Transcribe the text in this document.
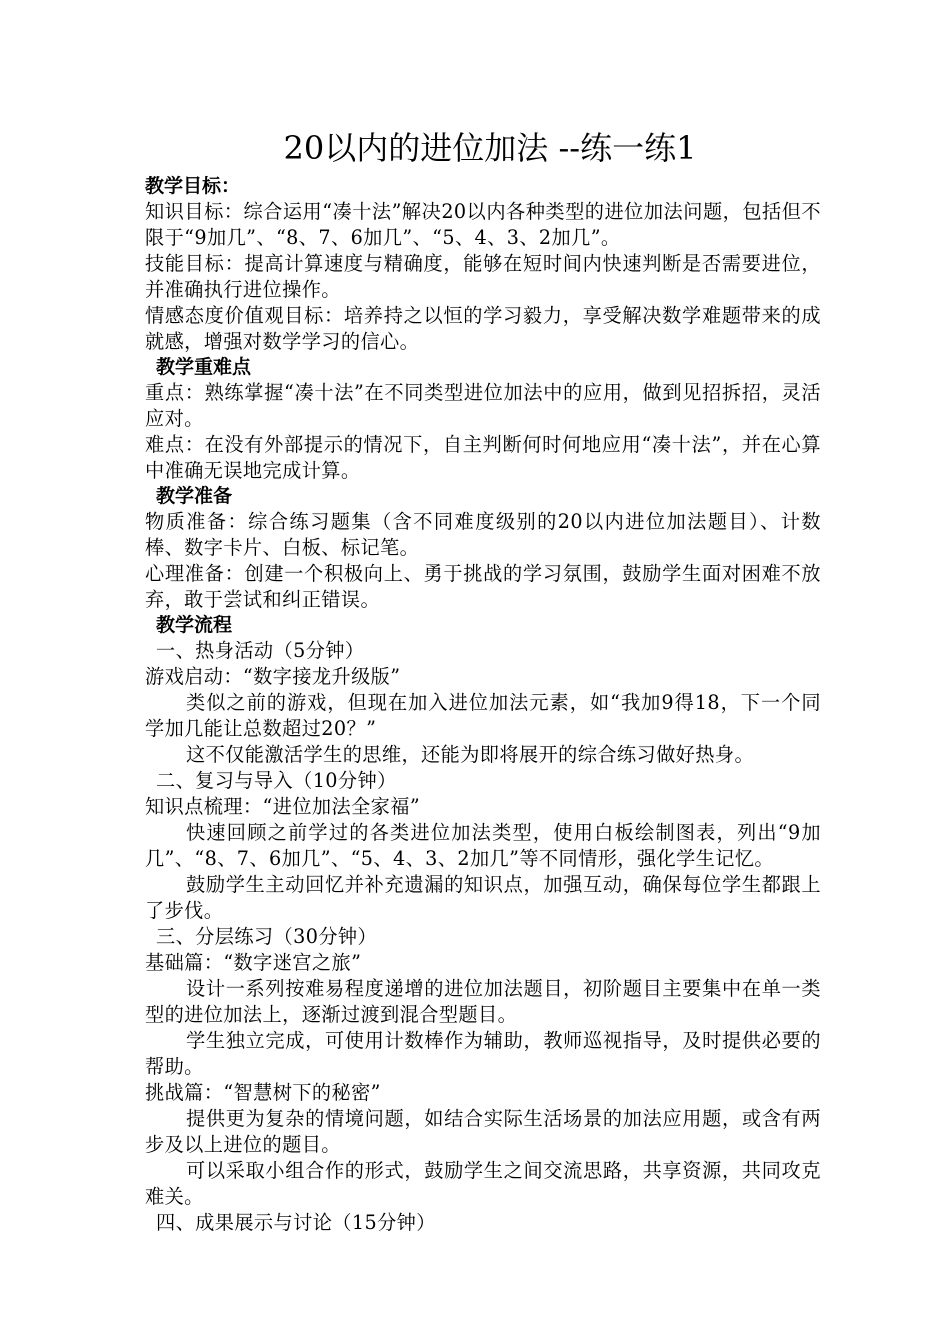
20以内的进位加法 --练一练1

教学目标：

知识目标：综合运用“凑十法”解决20以内各种类型的进位加法问题，包括但不限于“9加几”、“8、7、6加几”、“5、4、3、2加几”。

技能目标：提高计算速度与精确度，能够在短时间内快速判断是否需要进位，并准确执行进位操作。

情感态度价值观目标：培养持之以恒的学习毅力，享受解决数学难题带来的成就感，增强对数学学习的信心。

教学重难点

重点：熟练掌握“凑十法”在不同类型进位加法中的应用，做到见招拆招，灵活应对。

难点：在没有外部提示的情况下，自主判断何时何地应用“凑十法”，并在心算中准确无误地完成计算。

教学准备

物质准备：综合练习题集（含不同难度级别的20以内进位加法题目）、计数棒、数字卡片、白板、标记笔。

心理准备：创建一个积极向上、勇于挑战的学习氛围，鼓励学生面对困难不放弃，敢于尝试和纠正错误。

教学流程

一、热身活动（5分钟）

游戏启动：“数字接龙升级版”

类似之前的游戏，但现在加入进位加法元素，如“我加9得18，下一个同学加几能让总数超过20？”

这不仅能激活学生的思维，还能为即将展开的综合练习做好热身。

二、复习与导入（10分钟）

知识点梳理：“进位加法全家福”

快速回顾之前学过的各类进位加法类型，使用白板绘制图表，列出“9加几”、“8、7、6加几”、“5、4、3、2加几”等不同情形，强化学生记忆。

鼓励学生主动回忆并补充遗漏的知识点，加强互动，确保每位学生都跟上了步伐。

三、分层练习（30分钟）

基础篇：“数字迷宫之旅”

设计一系列按难易程度递增的进位加法题目，初阶题目主要集中在单一类型的进位加法上，逐渐过渡到混合型题目。

学生独立完成，可使用计数棒作为辅助，教师巡视指导，及时提供必要的帮助。

挑战篇：“智慧树下的秘密”

提供更为复杂的情境问题，如结合实际生活场景的加法应用题，或含有两步及以上进位的题目。

可以采取小组合作的形式，鼓励学生之间交流思路，共享资源，共同攻克难关。

四、成果展示与讨论（15分钟）
